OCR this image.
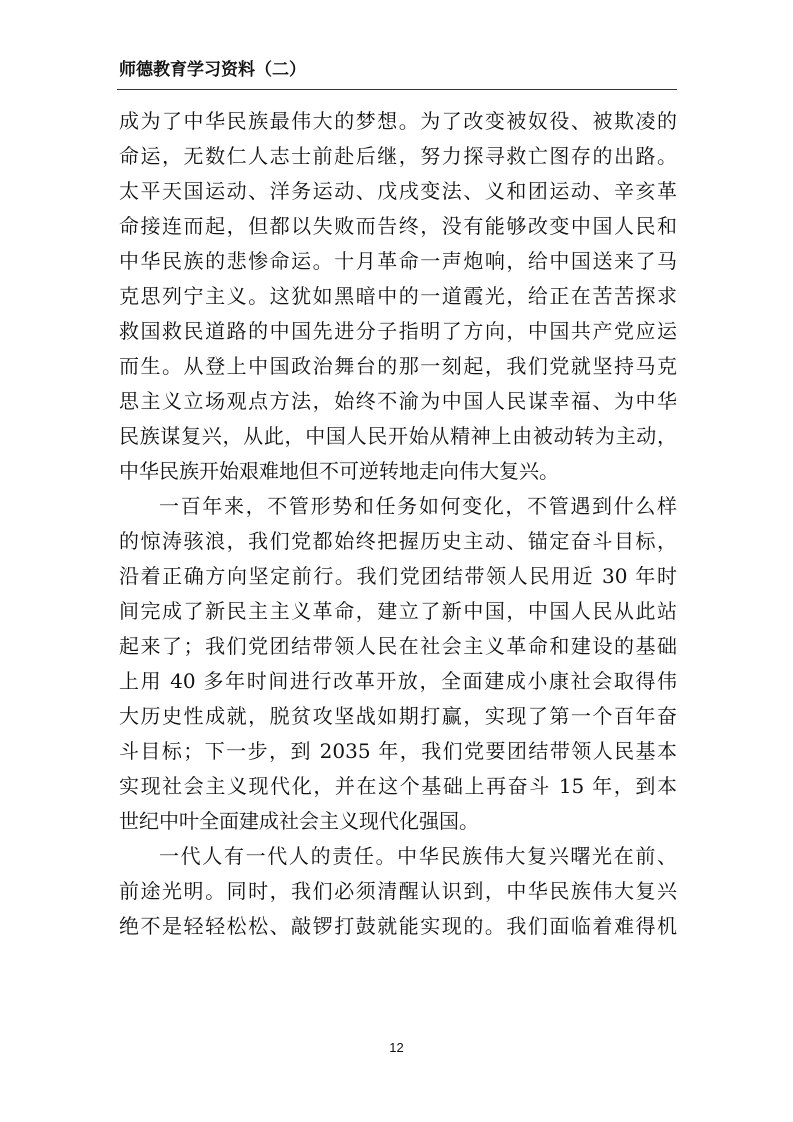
师德教育学习资料（二）
成为了中华民族最伟大的梦想。为了改变被奴役、被欺凌的
命运，无数仁人志士前赴后继，努力探寻救亡图存的出路。
太平天国运动、洋务运动、戊戌变法、义和团运动、辛亥革
命接连而起，但都以失败而告终，没有能够改变中国人民和
中华民族的悲惨命运。十月革命一声炮响，给中国送来了马
克思列宁主义。这犹如黑暗中的一道霞光，给正在苦苦探求
救国救民道路的中国先进分子指明了方向，中国共产党应运
而生。从登上中国政治舞台的那一刻起，我们党就坚持马克
思主义立场观点方法，始终不渝为中国人民谋幸福、为中华
民族谋复兴，从此，中国人民开始从精神上由被动转为主动，
中华民族开始艰难地但不可逆转地走向伟大复兴。
一百年来，不管形势和任务如何变化，不管遇到什么样
的惊涛骇浪，我们党都始终把握历史主动、锚定奋斗目标，
沿着正确方向坚定前行。我们党团结带领人民用近 30 年时
间完成了新民主主义革命，建立了新中国，中国人民从此站
起来了；我们党团结带领人民在社会主义革命和建设的基础
上用 40 多年时间进行改革开放，全面建成小康社会取得伟
大历史性成就，脱贫攻坚战如期打赢，实现了第一个百年奋
斗目标；下一步，到 2035 年，我们党要团结带领人民基本
实现社会主义现代化，并在这个基础上再奋斗 15 年，到本
世纪中叶全面建成社会主义现代化强国。
一代人有一代人的责任。中华民族伟大复兴曙光在前、
前途光明。同时，我们必须清醒认识到，中华民族伟大复兴
绝不是轻轻松松、敲锣打鼓就能实现的。我们面临着难得机
12
